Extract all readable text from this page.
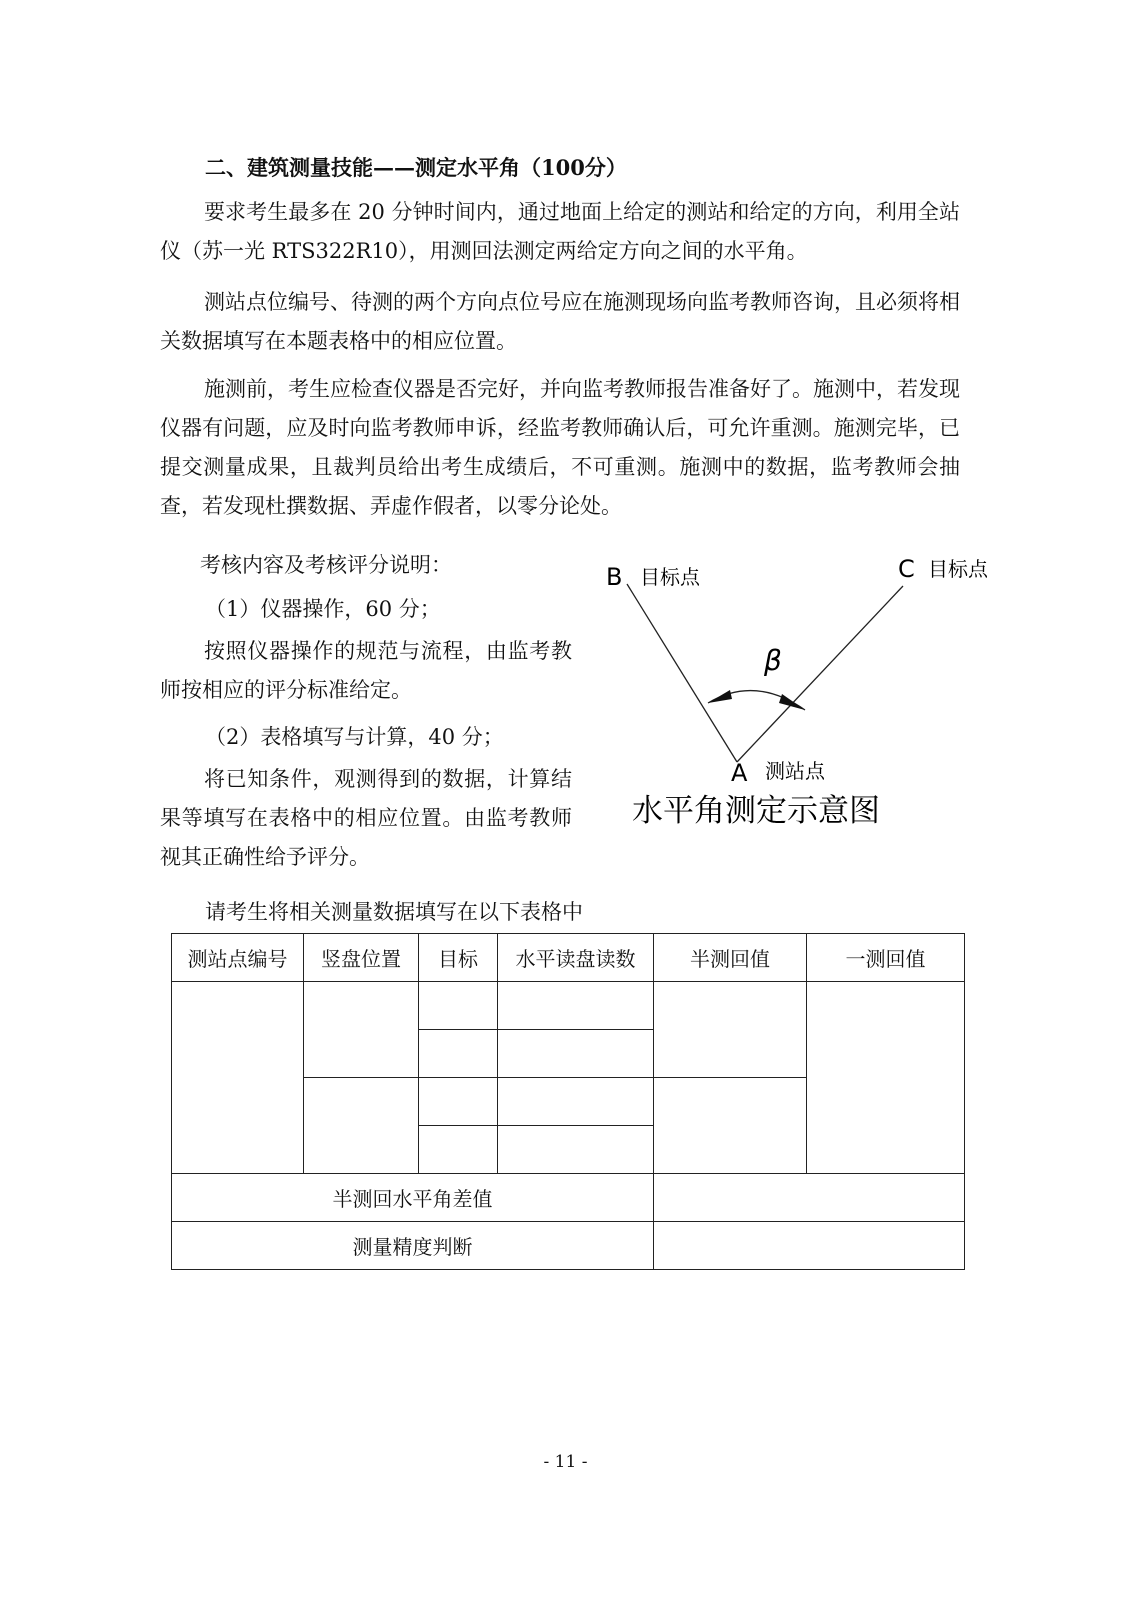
二、建筑测量技能——测定水平角（100分）
要求考生最多在 20 分钟时间内，通过地面上给定的测站和给定的方向，利用全站仪（苏一光 RTS322R10），用测回法测定两给定方向之间的水平角。
测站点位编号、待测的两个方向点位号应在施测现场向监考教师咨询，且必须将相关数据填写在本题表格中的相应位置。
施测前，考生应检查仪器是否完好，并向监考教师报告准备好了。施测中，若发现仪器有问题，应及时向监考教师申诉，经监考教师确认后，可允许重测。施测完毕，已提交测量成果，且裁判员给出考生成绩后，不可重测。施测中的数据，监考教师会抽查，若发现杜撰数据、弄虚作假者，以零分论处。
考核内容及考核评分说明：
（1）仪器操作，60 分；
按照仪器操作的规范与流程，由监考教师按相应的评分标准给定。
（2）表格填写与计算，40 分；
将已知条件，观测得到的数据，计算结果等填写在表格中的相应位置。由监考教师视其正确性给予评分。
B 目标点	C 目标点
β
A 测站点
水平角测定示意图
请考生将相关测量数据填写在以下表格中
测站点编号	竖盘位置	目标	水平读盘读数	半测回值	一测回值

半测回水平角差值					
测量精度判断					
- 11 -
